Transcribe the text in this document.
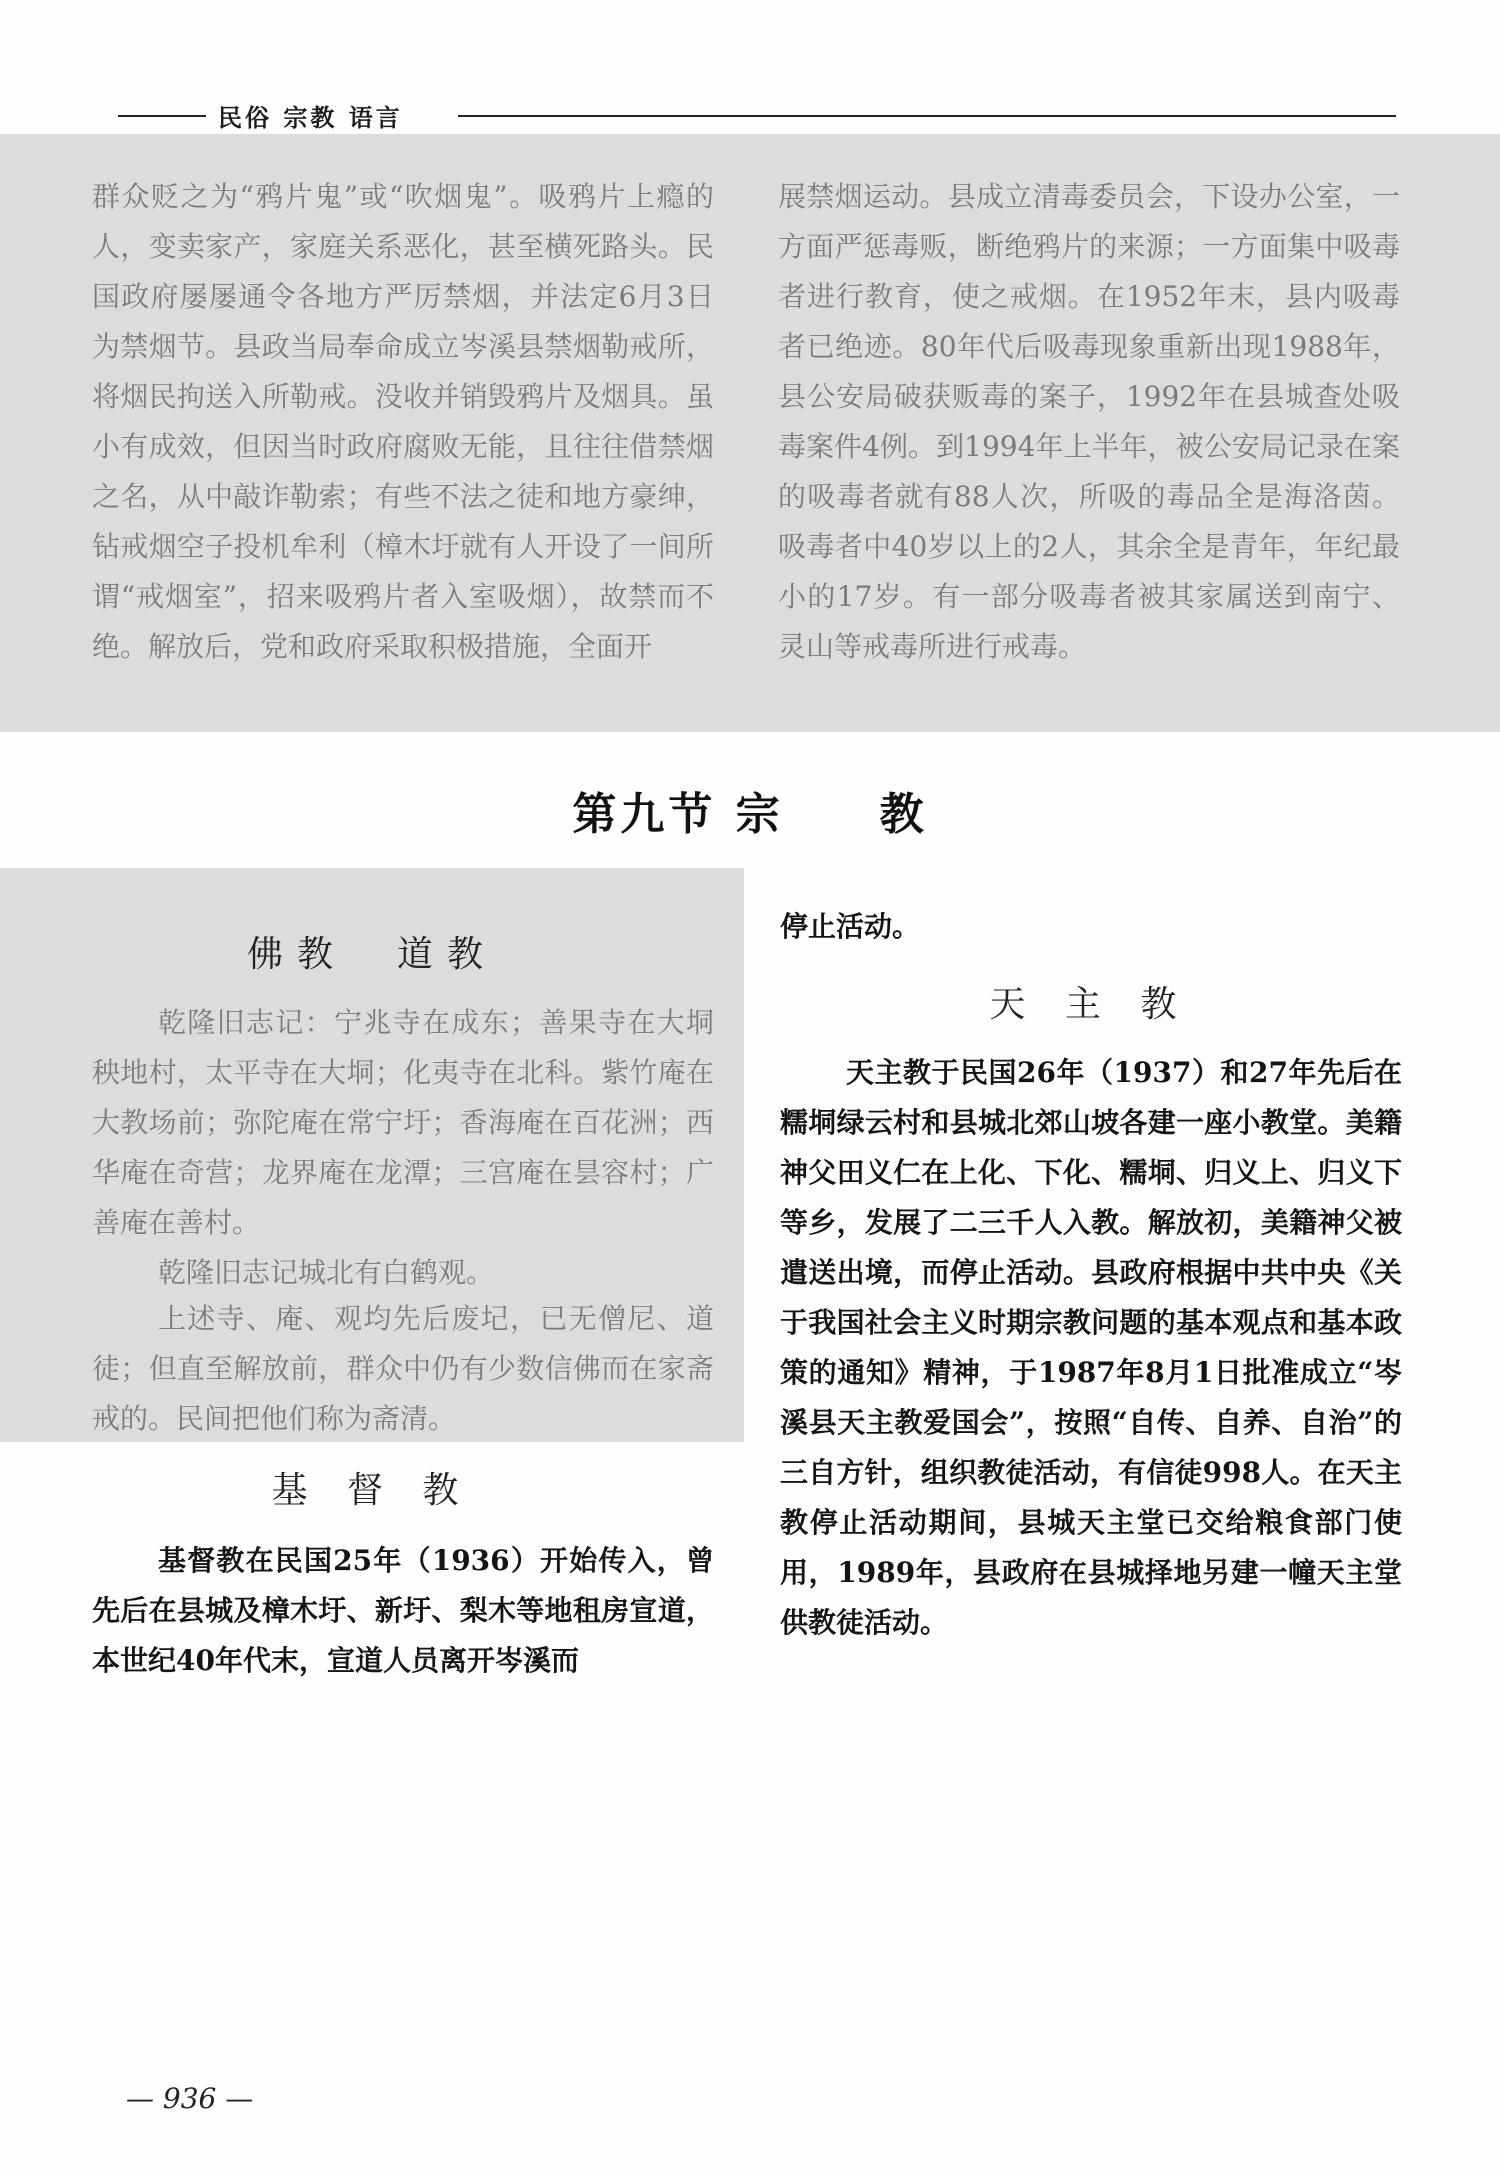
民俗 宗教 语言

群众贬之为“鸦片鬼”或“吹烟鬼”。吸鸦片上瘾的人，变卖家产，家庭关系恶化，甚至横死路头。民国政府屡屡通令各地方严厉禁烟，并法定6月3日为禁烟节。县政当局奉命成立岑溪县禁烟勒戒所，将烟民拘送入所勒戒。没收并销毁鸦片及烟具。虽小有成效，但因当时政府腐败无能，且往往借禁烟之名，从中敲诈勒索；有些不法之徒和地方豪绅，钻戒烟空子投机牟利（樟木圩就有人开设了一间所谓“戒烟室”，招来吸鸦片者入室吸烟），故禁而不绝。解放后，党和政府采取积极措施，全面开

展禁烟运动。县成立清毒委员会，下设办公室，一方面严惩毒贩，断绝鸦片的来源；一方面集中吸毒者进行教育，使之戒烟。在1952年末，县内吸毒者已绝迹。80年代后吸毒现象重新出现1988年，县公安局破获贩毒的案子，1992年在县城查处吸毒案件4例。到1994年上半年，被公安局记录在案的吸毒者就有88人次，所吸的毒品全是海洛茵。吸毒者中40岁以上的2人，其余全是青年，年纪最小的17岁。有一部分吸毒者被其家属送到南宁、灵山等戒毒所进行戒毒。

第九节 宗　　教
佛教　道教

乾隆旧志记：宁兆寺在成东；善果寺在大垌秧地村，太平寺在大垌；化夷寺在北科。紫竹庵在大教场前；弥陀庵在常宁圩；香海庵在百花洲；西华庵在奇营；龙界庵在龙潭；三宫庵在昙容村；广善庵在善村。

乾隆旧志记城北有白鹤观。

上述寺、庵、观均先后废圮，已无僧尼、道徒；但直至解放前，群众中仍有少数信佛而在家斋戒的。民间把他们称为斋清。

基 督 教

基督教在民国25年（1936）开始传入，曾先后在县城及樟木圩、新圩、梨木等地租房宣道，本世纪40年代末，宣道人员离开岑溪而

停止活动。

天 主 教

天主教于民国26年（1937）和27年先后在糯垌绿云村和县城北郊山坡各建一座小教堂。美籍神父田义仁在上化、下化、糯垌、归义上、归义下等乡，发展了二三千人入教。解放初，美籍神父被遣送出境，而停止活动。县政府根据中共中央《关于我国社会主义时期宗教问题的基本观点和基本政策的通知》精神，于1987年8月1日批准成立“岑溪县天主教爱国会”，按照“自传、自养、自治”的三自方针，组织教徒活动，有信徒998人。在天主教停止活动期间，县城天主堂已交给粮食部门使用，1989年，县政府在县城择地另建一幢天主堂供教徒活动。

— 936 —
